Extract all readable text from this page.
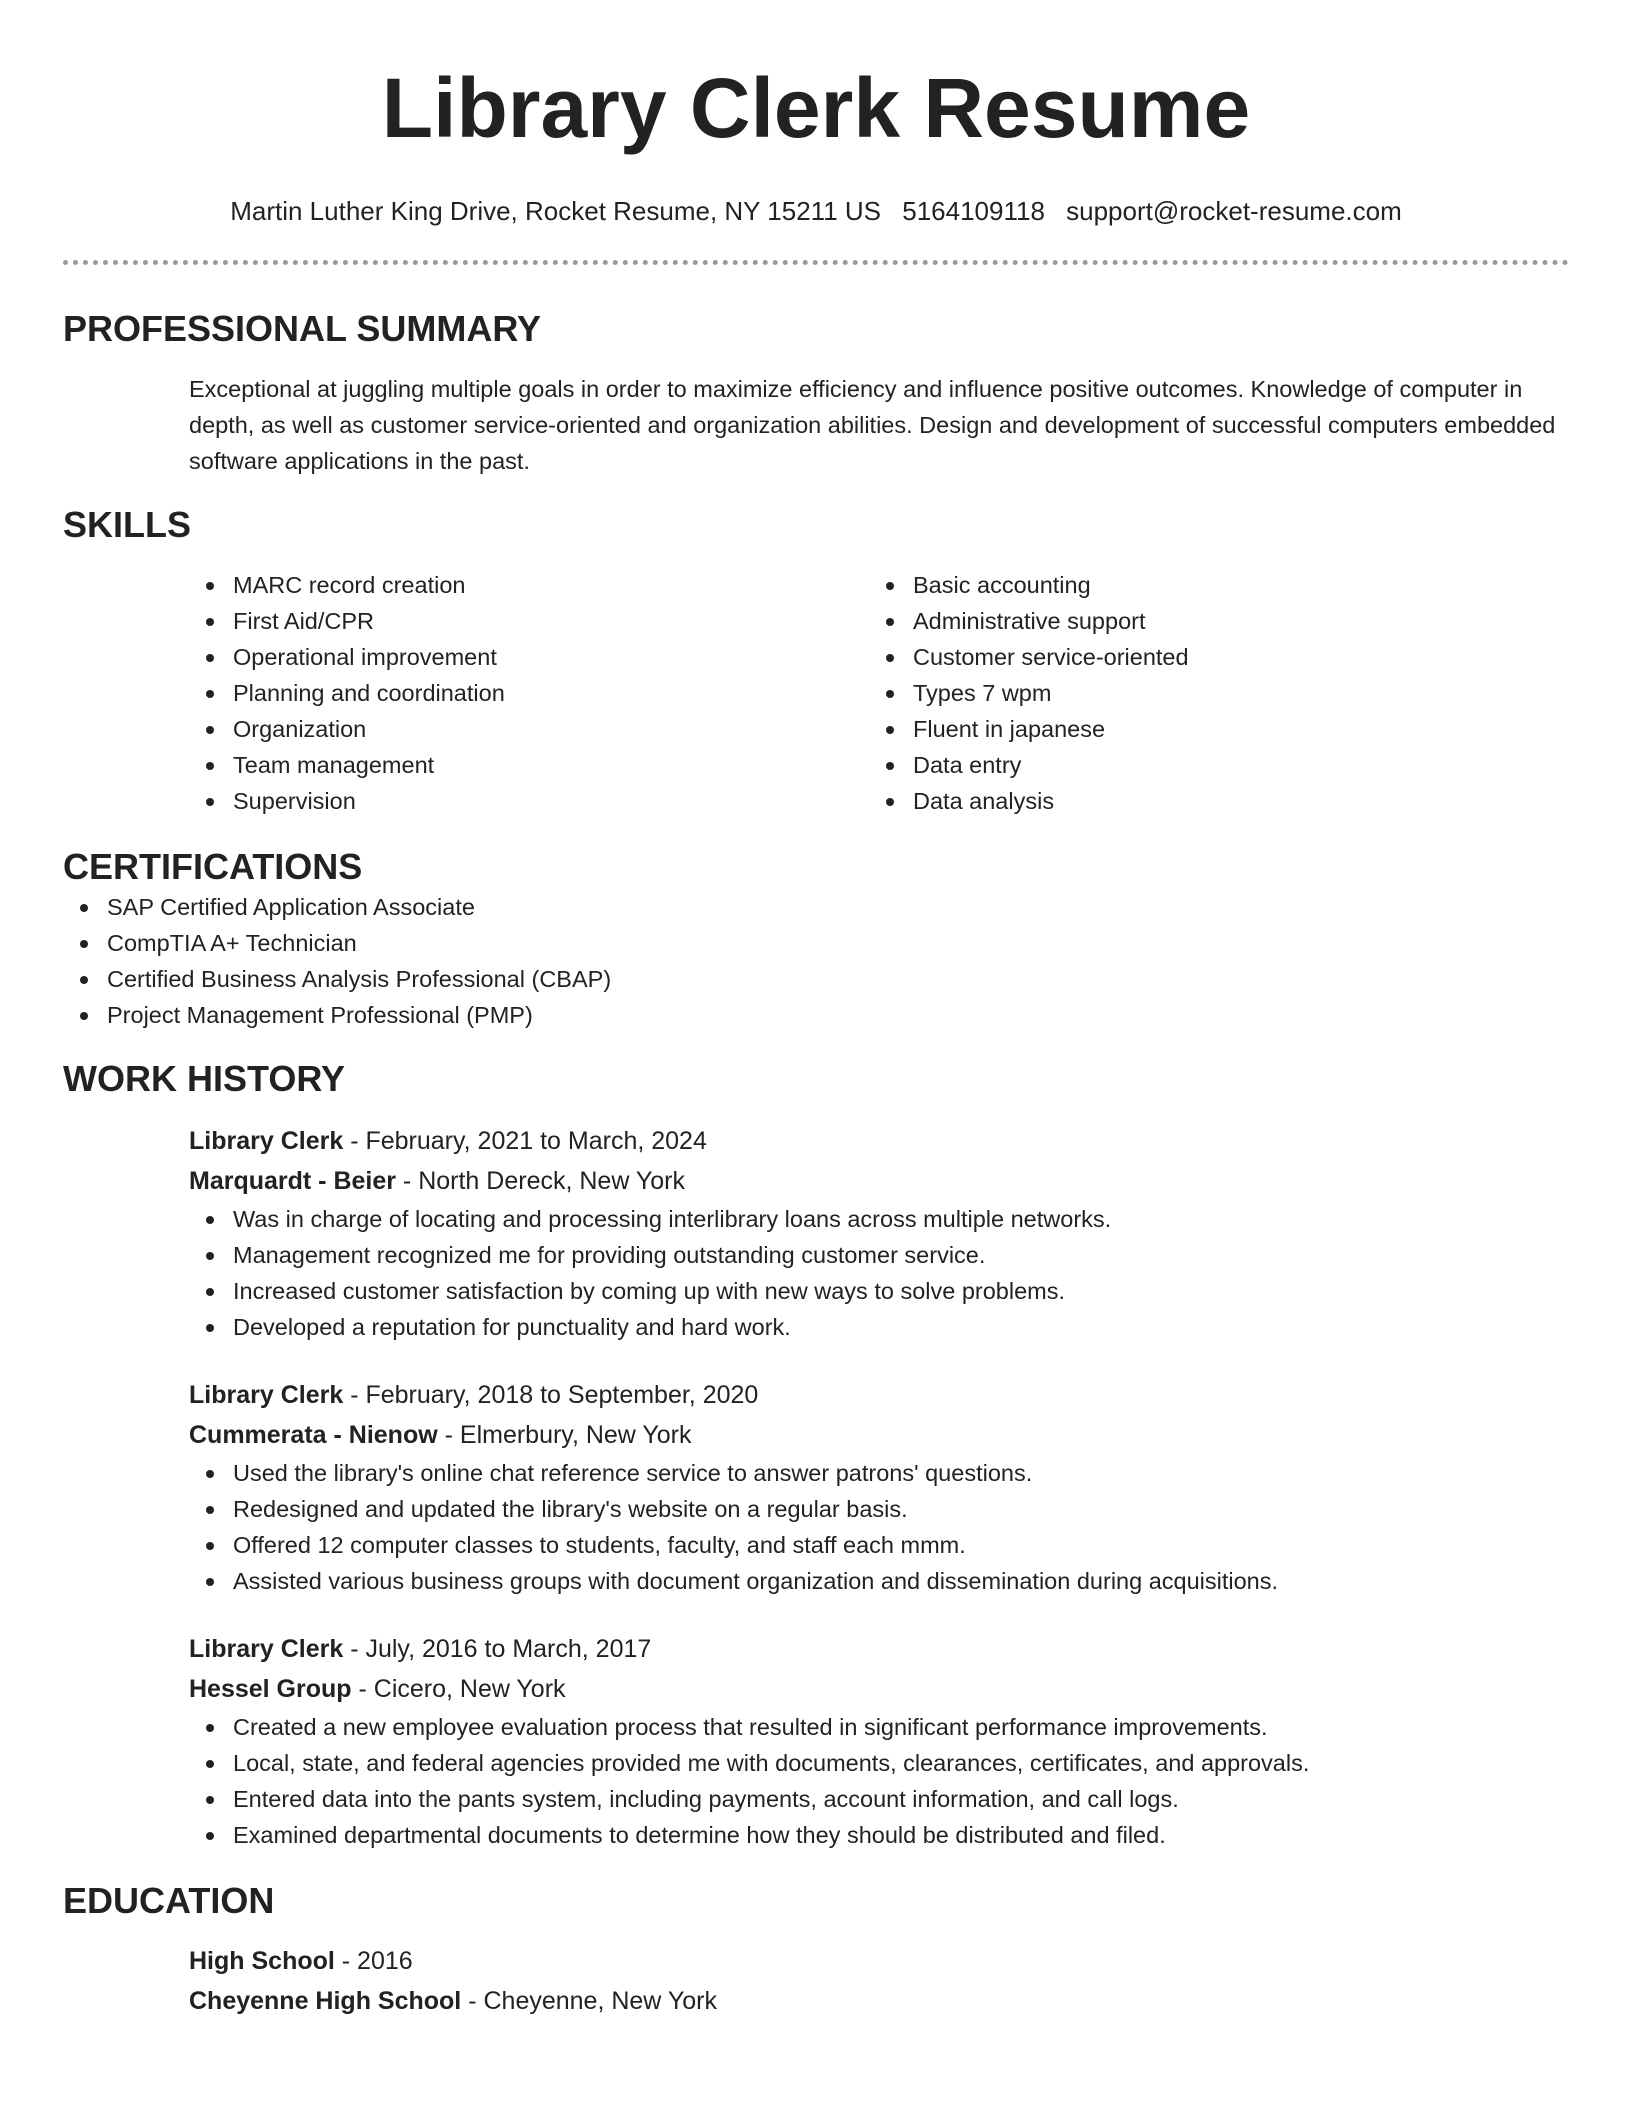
Library Clerk Resume
Martin Luther King Drive, Rocket Resume, NY 15211 US 5164109118 support@rocket-resume.com
PROFESSIONAL SUMMARY

Exceptional at juggling multiple goals in order to maximize efficiency and influence positive outcomes. Knowledge of computer in depth, as well as customer service-oriented and organization abilities. Design and development of successful computers embedded software applications in the past.

SKILLS
MARC record creation
First Aid/CPR
Operational improvement
Planning and coordination
Organization
Team management
Supervision
Basic accounting
Administrative support
Customer service-oriented
Types 7 wpm
Fluent in japanese
Data entry
Data analysis
CERTIFICATIONS
SAP Certified Application Associate
CompTIA A+ Technician
Certified Business Analysis Professional (CBAP)
Project Management Professional (PMP)
WORK HISTORY
Library Clerk - February, 2021 to March, 2024
Marquardt - Beier - North Dereck, New York
Was in charge of locating and processing interlibrary loans across multiple networks.
Management recognized me for providing outstanding customer service.
Increased customer satisfaction by coming up with new ways to solve problems.
Developed a reputation for punctuality and hard work.
Library Clerk - February, 2018 to September, 2020
Cummerata - Nienow - Elmerbury, New York
Used the library's online chat reference service to answer patrons' questions.
Redesigned and updated the library's website on a regular basis.
Offered 12 computer classes to students, faculty, and staff each mmm.
Assisted various business groups with document organization and dissemination during acquisitions.
Library Clerk - July, 2016 to March, 2017
Hessel Group - Cicero, New York
Created a new employee evaluation process that resulted in significant performance improvements.
Local, state, and federal agencies provided me with documents, clearances, certificates, and approvals.
Entered data into the pants system, including payments, account information, and call logs.
Examined departmental documents to determine how they should be distributed and filed.
EDUCATION
High School - 2016
Cheyenne High School - Cheyenne, New York
